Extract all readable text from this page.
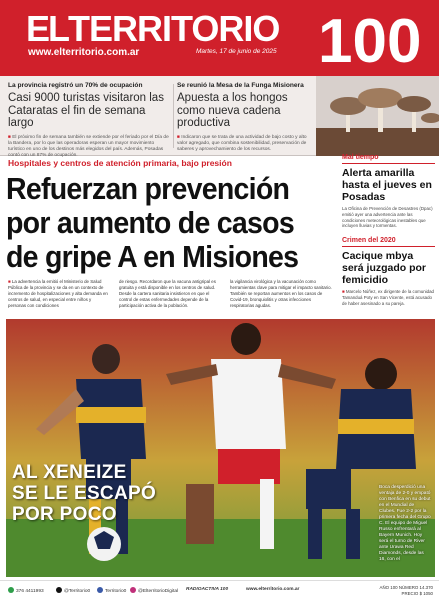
ELTERRITORIO
www.elterritorio.com.ar	Martes, 17 de junio de 2025 100
La provincia registró un 70% de ocupación
Casi 9000 turistas visitaron las Cataratas el fin de semana largo
■ El próximo fin de semana también se extiende por el feriado por el Día de la Bandera, por lo que las operadoras esperan un mayor movimiento turístico en uno de los destinos más elegidos del país. Además, Posadas contó con un 87% de ocupación.
Se reunió la Mesa de la Funga Misionera
Apuesta a los hongos como nueva cadena productiva
■ Indicaron que se trata de una actividad de bajo costo y alto valor agregado, que combina sostenibilidad, preservación de saberes y aprovechamiento de los recursos.
Hospitales y centros de atención primaria, bajo presión
Refuerzan prevención por aumento de casos de gripe A en Misiones
■ La advertencia la emitió el Ministerio de Salud Pública de la provincia y se da en un contexto de incremento de hospitalizaciones y alta demanda en centros de salud, en especial entre niños y personas con condiciones
de riesgo. Recordaron que la vacuna antigripal es gratuita y está disponible en los centros de salud. Desde la cartera sanitaria insistieron en que el control de estas enfermedades depende de la participación activa de la población.
la vigilancia virológica y la vacunación como herramientas clave para mitigar el impacto sanitario. También se reportan aumentos en los casos de Covid-19, bronquiolitis y otras infecciones respiratorias agudas.
Mal tiempo
Alerta amarilla hasta el jueves en Posadas
La Oficina de Prevención de Desastres (Dpac) emitió ayer una advertencia ante las condiciones meteorológicas inestables que incluyen lluvias y tormentas.
Crimen del 2020
Cacique mbya será juzgado por femicidio
■ Marcelo Núñez, ex dirigente de la comunidad Tamanduá Poty en San Vicente, está acusado de haber asesinado a su pareja.
AL XENEIZE
SE LE ESCAPÓ
POR POCO
Boca desperdició una ventaja de 2-0 y empató con Benfica en su debut en el Mundial de Clubes. Fue 2-2 por la primera fecha del Grupo C. El equipo de Miguel Russo enfrentará al Bayern Munich. Hoy será el turno de River ante Urawa Red Diamonds, desde las 16, con el
376 4411993	@Territorio0	Territorio0	@ElterritorioDigital RADIOACTIVA 100	www.elterritorio.com.ar	AÑO 100 NÚMERO 14.370
PRECIO $ 1050
